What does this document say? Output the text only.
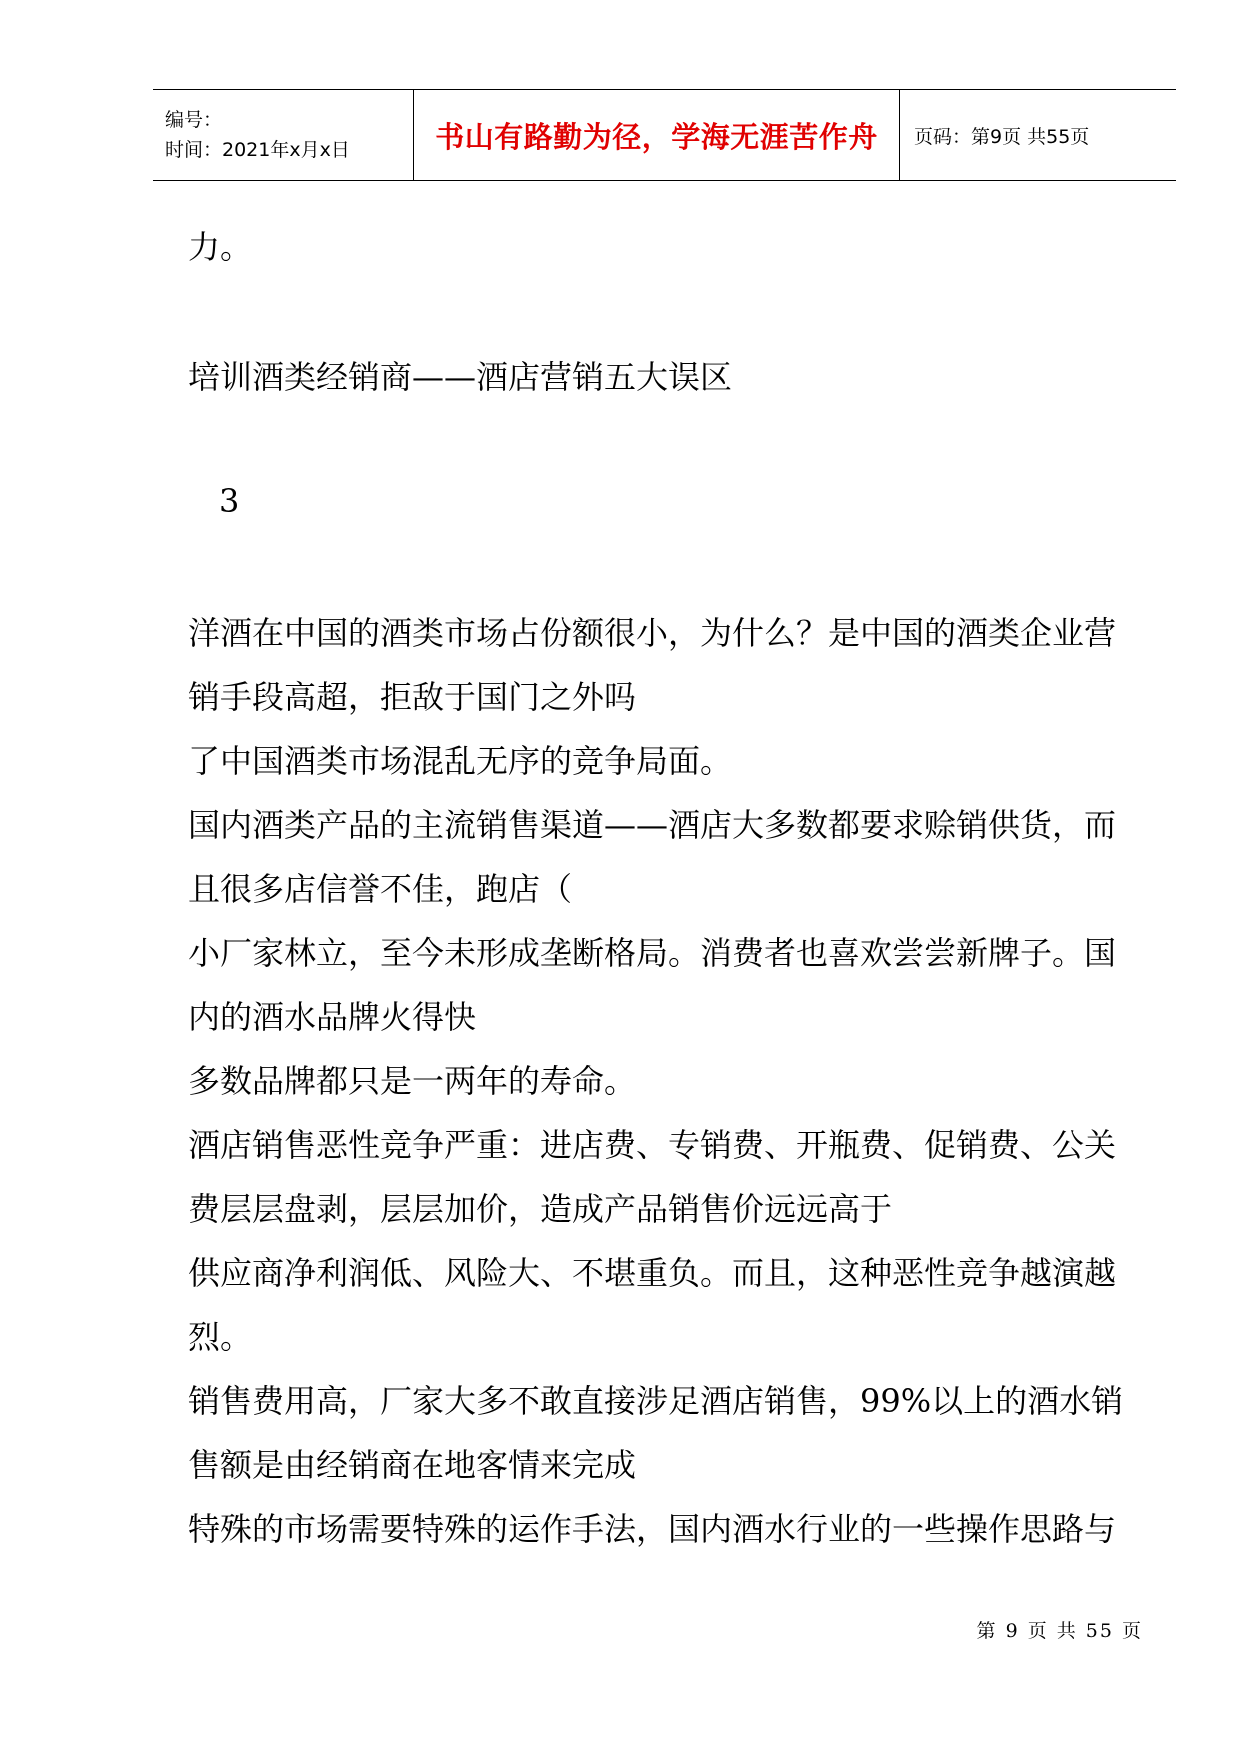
编号：
时间：2021年x月x日	书山有路勤为径，学海无涯苦作舟 页码：第9页 共55页
力。
培训酒类经销商——酒店营销五大误区
3
洋酒在中国的酒类市场占份额很小，为什么？是中国的酒类企业营
销手段高超，拒敌于国门之外吗
了中国酒类市场混乱无序的竞争局面。
国内酒类产品的主流销售渠道——酒店大多数都要求赊销供货，而
且很多店信誉不佳，跑店（
小厂家林立，至今未形成垄断格局。消费者也喜欢尝尝新牌子。国
内的酒水品牌火得快
多数品牌都只是一两年的寿命。
酒店销售恶性竞争严重：进店费、专销费、开瓶费、促销费、公关
费层层盘剥，层层加价，造成产品销售价远远高于
供应商净利润低、风险大、不堪重负。而且，这种恶性竞争越演越
烈。
销售费用高，厂家大多不敢直接涉足酒店销售，99%以上的酒水销
售额是由经销商在地客情来完成
特殊的市场需要特殊的运作手法，国内酒水行业的一些操作思路与
第 9 页 共 55 页
